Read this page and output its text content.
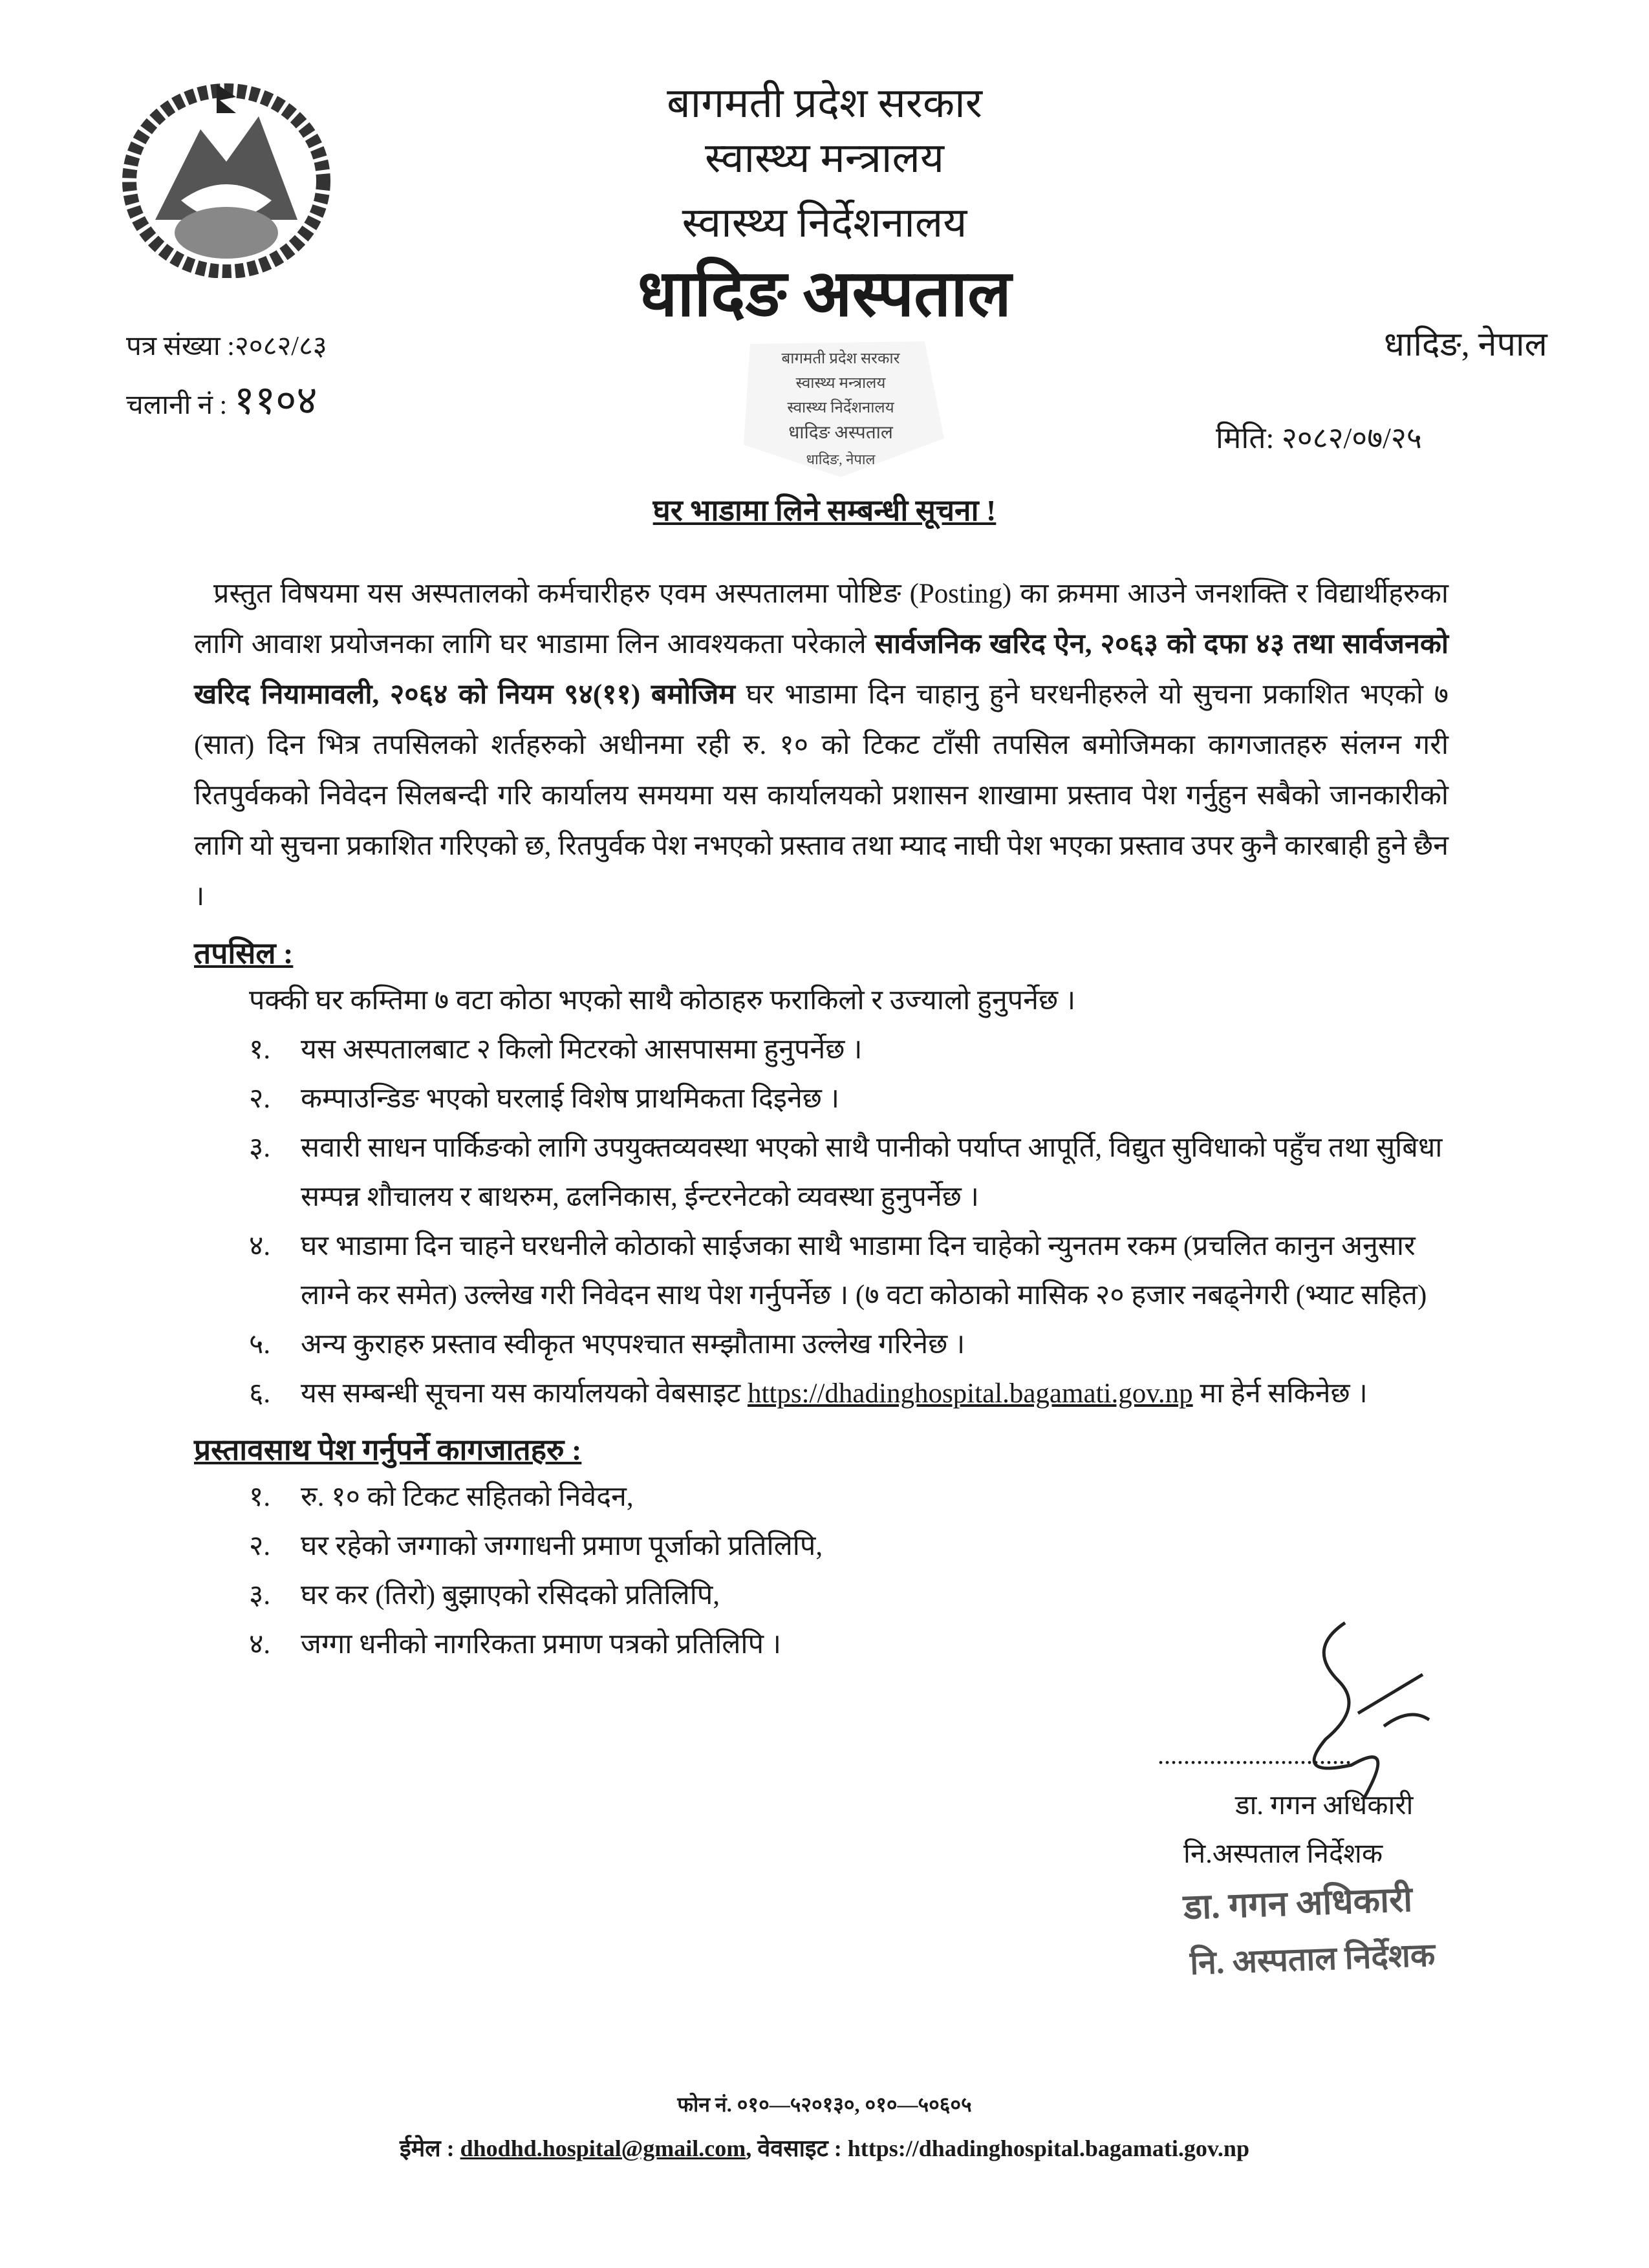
बागमती प्रदेश सरकार
स्वास्थ्य मन्त्रालय
स्वास्थ्य निर्देशनालय
धादिङ अस्पताल
बागमती प्रदेश सरकार
स्वास्थ्य मन्त्रालय
स्वास्थ्य निर्देशनालय
धादिङ अस्पताल
धादिङ, नेपाल
पत्र संख्या :२०८२/८३
चलानी नं : ११०४
धादिङ, नेपाल
मिति: २०८२/०७/२५
घर भाडामा लिने सम्बन्धी सूचना !
प्रस्तुत विषयमा यस अस्पतालको कर्मचारीहरु एवम अस्पतालमा पोष्टिङ (Posting) का क्रममा आउने जनशक्ति र विद्यार्थीहरुका लागि आवाश प्रयोजनका लागि घर भाडामा लिन आवश्यकता परेकाले सार्वजनिक खरिद ऐन, २०६३ को दफा ४३ तथा सार्वजनको खरिद नियामावली, २०६४ को नियम ९४(११) बमोजिम घर भाडामा दिन चाहानु हुने घरधनीहरुले यो सुचना प्रकाशित भएको ७ (सात) दिन भित्र तपसिलको शर्तहरुको अधीनमा रही रु. १० को टिकट टाँसी तपसिल बमोजिमका कागजातहरु संलग्न गरी रितपुर्वकको निवेदन सिलबन्दी गरि कार्यालय समयमा यस कार्यालयको प्रशासन शाखामा प्रस्ताव पेश गर्नुहुन सबैको जानकारीको लागि यो सुचना प्रकाशित गरिएको छ, रितपुर्वक पेश नभएको प्रस्ताव तथा म्याद नाघी पेश भएका प्रस्ताव उपर कुनै कारबाही हुने छैन ।
तपसिल :
पक्की घर कम्तिमा ७ वटा कोठा भएको साथै कोठाहरु फराकिलो र उज्यालो हुनुपर्नेछ ।
१.	यस अस्पतालबाट २ किलो मिटरको आसपासमा हुनुपर्नेछ ।
२.	कम्पाउन्डिङ भएको घरलाई विशेष प्राथमिकता दिइनेछ ।
३.	सवारी साधन पार्किङको लागि उपयुक्तव्यवस्था भएको साथै पानीको पर्याप्त आपूर्ति, विद्युत सुविधाको पहुँच तथा सुबिधा सम्पन्न शौचालय र बाथरुम, ढलनिकास, ईन्टरनेटको व्यवस्था हुनुपर्नेछ ।
४.	घर भाडामा दिन चाहने घरधनीले कोठाको साईजका साथै भाडामा दिन चाहेको न्युनतम रकम (प्रचलित कानुन अनुसार लाग्ने कर समेत) उल्लेख गरी निवेदन साथ पेश गर्नुपर्नेछ । (७ वटा कोठाको मासिक २० हजार नबढ्नेगरी (भ्याट सहित)
५.	अन्य कुराहरु प्रस्ताव स्वीकृत भएपश्चात सम्झौतामा उल्लेख गरिनेछ ।
६.	यस सम्बन्धी सूचना यस कार्यालयको वेबसाइट https://dhadinghospital.bagamati.gov.np मा हेर्न सकिनेछ ।
प्रस्तावसाथ पेश गर्नुपर्ने कागजातहरु :
१.	रु. १० को टिकट सहितको निवेदन,
२.	घर रहेको जग्गाको जग्गाधनी प्रमाण पूर्जाको प्रतिलिपि,
३.	घर कर (तिरो) बुझाएको रसिदको प्रतिलिपि,
४.	जग्गा धनीको नागरिकता प्रमाण पत्रको प्रतिलिपि ।
..............................
डा. गगन अधिकारी
नि.अस्पताल निर्देशक
डा. गगन अधिकारी
नि. अस्पताल निर्देशक
फोन नं. ०१०—५२०१३०, ०१०—५०६०५
ईमेल : dhodhd.hospital@gmail.com, वेवसाइट : https://dhadinghospital.bagamati.gov.np
